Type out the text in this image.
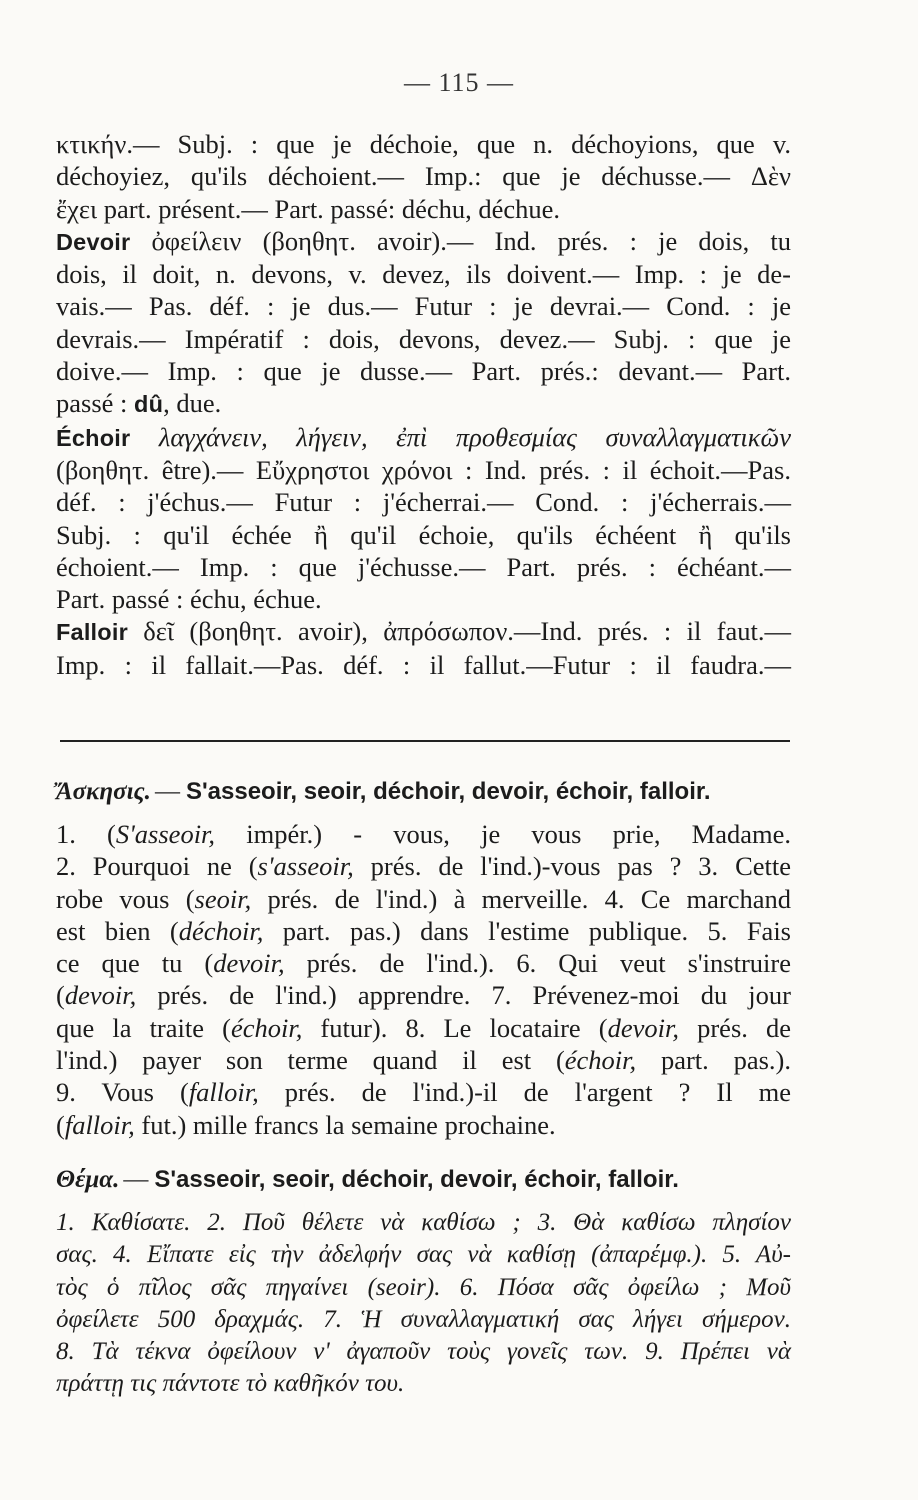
— 115 —
κτικήν.— Subj. : que je déchoie, que n. déchoyions, que v.
déchoyiez, qu'ils déchoient.— Imp.: que je déchusse.— Δὲν
ἔχει part. présent.— Part. passé: déchu, déchue.
Devoir ὀφείλειν (βοηθητ. avoir).— Ind. prés. : je dois, tu
dois, il doit, n. devons, v. devez, ils doivent.— Imp. : je de-
vais.— Pas. déf. : je dus.— Futur : je devrai.— Cond. : je
devrais.— Impératif : dois, devons, devez.— Subj. : que je
doive.— Imp. : que je dusse.— Part. prés.: devant.— Part.
passé : dû, due.
Échoir λαγχάνειν, λήγειν, ἐπὶ προθεσμίας συναλλαγματικῶν
(βοηθητ. être).— Εὔχρηστοι χρόνοι : Ind. prés. : il échoit.—Pas.
déf. : j'échus.— Futur : j'écherrai.— Cond. : j'écherrais.—
Subj. : qu'il échée ἢ qu'il échoie, qu'ils échéent ἢ qu'ils
échoient.— Imp. : que j'échusse.— Part. prés. : échéant.—
Part. passé : échu, échue.
Falloir δεῖ (βοηθητ. avoir), ἀπρόσωπον.—Ind. prés. : il faut.—
Imp. : il fallait.—Pas. déf. : il fallut.—Futur : il faudra.—
Ἄσκησις. — S'asseoir, seoir, déchoir, devoir, échoir, falloir.
1. (S'asseoir, impér.) - vous, je vous prie, Madame.
2. Pourquoi ne (s'asseoir, prés. de l'ind.)-vous pas ? 3. Cette
robe vous (seoir, prés. de l'ind.) à merveille. 4. Ce marchand
est bien (déchoir, part. pas.) dans l'estime publique. 5. Fais
ce que tu (devoir, prés. de l'ind.). 6. Qui veut s'instruire
(devoir, prés. de l'ind.) apprendre. 7. Prévenez-moi du jour
que la traite (échoir, futur). 8. Le locataire (devoir, prés. de
l'ind.) payer son terme quand il est (échoir, part. pas.).
9. Vous (falloir, prés. de l'ind.)-il de l'argent ? Il me
(falloir, fut.) mille francs la semaine prochaine.
Θέμα. — S'asseoir, seoir, déchoir, devoir, échoir, falloir.
1. Καθίσατε. 2. Ποῦ θέλετε νὰ καθίσω ; 3. Θὰ καθίσω πλησίον
σας. 4. Εἴπατε εἰς τὴν ἀδελφήν σας νὰ καθίσῃ (ἀπαρέμφ.). 5. Αὐ-
τὸς ὁ πῖλος σᾶς πηγαίνει (seoir). 6. Πόσα σᾶς ὀφείλω ; Μοῦ
ὀφείλετε 500 δραχμάς. 7. Ἡ συναλλαγματική σας λήγει σήμερον.
8. Τὰ τέκνα ὀφείλουν ν' ἀγαποῦν τοὺς γονεῖς των. 9. Πρέπει νὰ
πράττῃ τις πάντοτε τὸ καθῆκόν του.
